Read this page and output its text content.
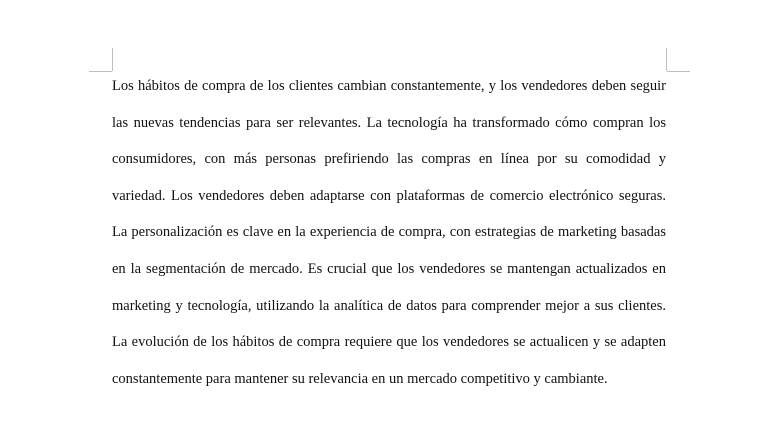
Los hábitos de compra de los clientes cambian constantemente, y los vendedores deben seguir las nuevas tendencias para ser relevantes. La tecnología ha transformado cómo compran los consumidores, con más personas prefiriendo las compras en línea por su comodidad y variedad. Los vendedores deben adaptarse con plataformas de comercio electrónico seguras. La personalización es clave en la experiencia de compra, con estrategias de marketing basadas en la segmentación de mercado. Es crucial que los vendedores se mantengan actualizados en marketing y tecnología, utilizando la analítica de datos para comprender mejor a sus clientes. La evolución de los hábitos de compra requiere que los vendedores se actualicen y se adapten constantemente para mantener su relevancia en un mercado competitivo y cambiante.
